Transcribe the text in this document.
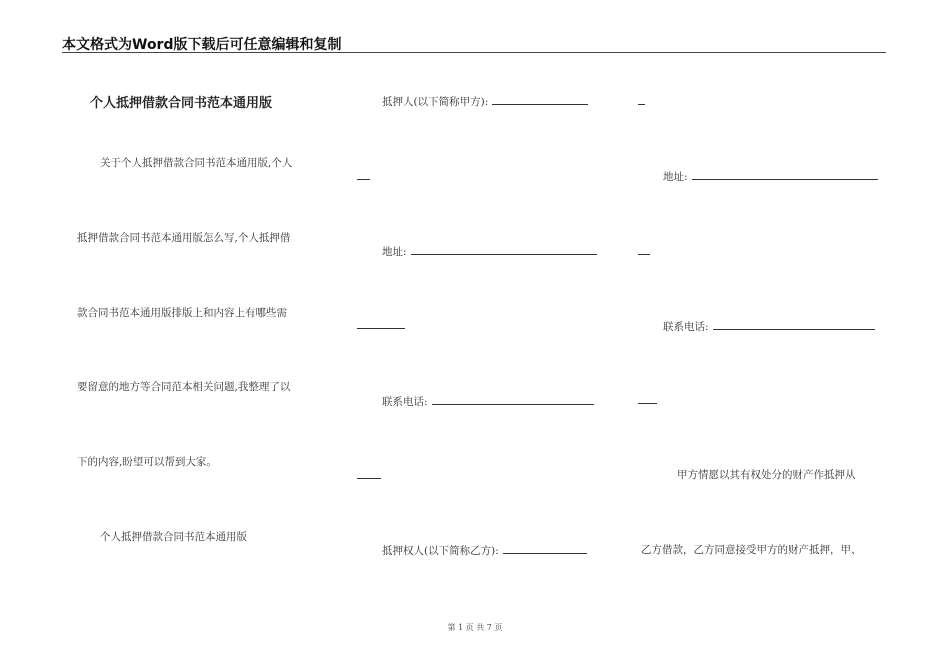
本文格式为Word版下载后可任意编辑和复制
个人抵押借款合同书范本通用版
关于个人抵押借款合同书范本通用版,个人
抵押借款合同书范本通用版怎么写,个人抵押借
款合同书范本通用版排版上和内容上有哪些需
要留意的地方等合同范本相关问题,我整理了以
下的内容,盼望可以帮到大家。
个人抵押借款合同书范本通用版
抵押人(以下简称甲方):
地址:
联系电话:
抵押权人(以下简称乙方):
地址:
联系电话:
甲方情愿以其有权处分的财产作抵押从
乙方借款，乙方同意接受甲方的财产抵押，甲、
第 1 页 共 7 页
